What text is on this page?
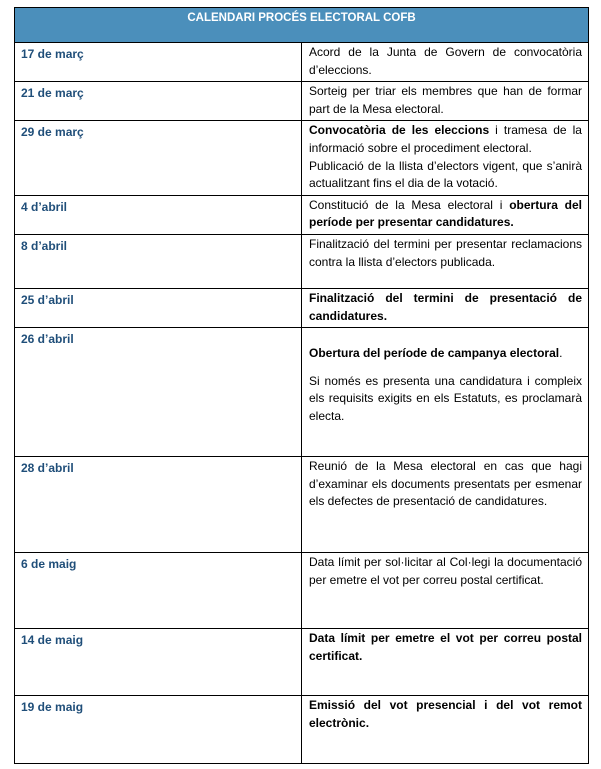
CALENDARI PROCÉS ELECTORAL COFB	

17 de març	Acord de la Junta de Govern de convocatòria d’eleccions.

21 de març	Sorteig per triar els membres que han de formar part de la Mesa electoral.

29 de març	Convocatòria de les eleccions i tramesa de la informació sobre el procediment electoral.

Publicació de la llista d’electors vigent, que s’anirà actualitzant fins el dia de la votació.

4 d’abril	Constitució de la Mesa electoral i obertura del període per presentar candidatures.

8 d’abril	Finalització del termini per presentar reclamacions contra la llista d’electors publicada.

25 d’abril	Finalització del termini de presentació de candidatures.

26 d’abril	Obertura del període de campanya electoral.

Si només es presenta una candidatura i compleix els requisits exigits en els Estatuts, es proclamarà electa.

28 d’abril	Reunió de la Mesa electoral en cas que hagi d’examinar els documents presentats per esmenar els defectes de presentació de candidatures.

6 de maig	Data límit per sol·licitar al Col·legi la documentació per emetre el vot per correu postal certificat.

14 de maig	Data límit per emetre el vot per correu postal certificat.

19 de maig	Emissió del vot presencial i del vot remot electrònic.
